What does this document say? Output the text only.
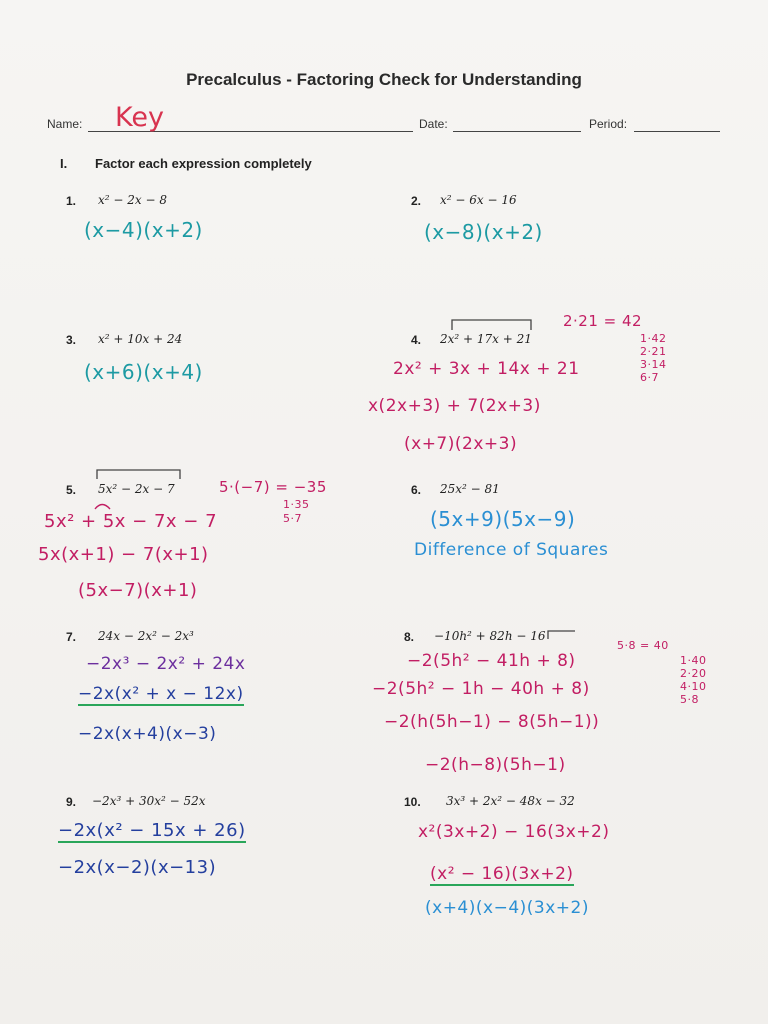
Precalculus - Factoring Check for Understanding
Name: Key	Date:	Period:
I. Factor each expression completely
1. x² − 2x − 8
(x−4)(x+2)
2. x² − 6x − 16
(x−8)(x+2)
3. x² + 10x + 24
(x+6)(x+4)
4. 2x² + 17x + 21
2·21 = 42
1·42
2·21
3·14
6·7
2x² + 3x + 14x + 21
x(2x+3) + 7(2x+3)
(x+7)(2x+3)
5. 5x² − 2x − 7	5·(−7) = −35
1·35
5·7
5x² + 5x − 7x − 7
5x(x+1) − 7(x+1)
(5x−7)(x+1)
6. 25x² − 81
(5x+9)(5x−9)
Difference of Squares
7. 24x − 2x² − 2x³
−2x³ − 2x² + 24x
−2x(x² + x − 12x)
−2x(x+4)(x−3)
8. −10h² + 82h − 16
5·8 = 40
1·40
2·20
4·10
5·8
−2(5h² − 41h + 8)
−2(5h² − 1h − 40h + 8)
−2(h(5h−1) − 8(5h−1))
−2(h−8)(5h−1)
9. −2x³ + 30x² − 52x
−2x(x² − 15x + 26)
−2x(x−2)(x−13)
10. 3x³ + 2x² − 48x − 32
x²(3x+2) − 16(3x+2)
(x² − 16)(3x+2)
(x+4)(x−4)(3x+2)
